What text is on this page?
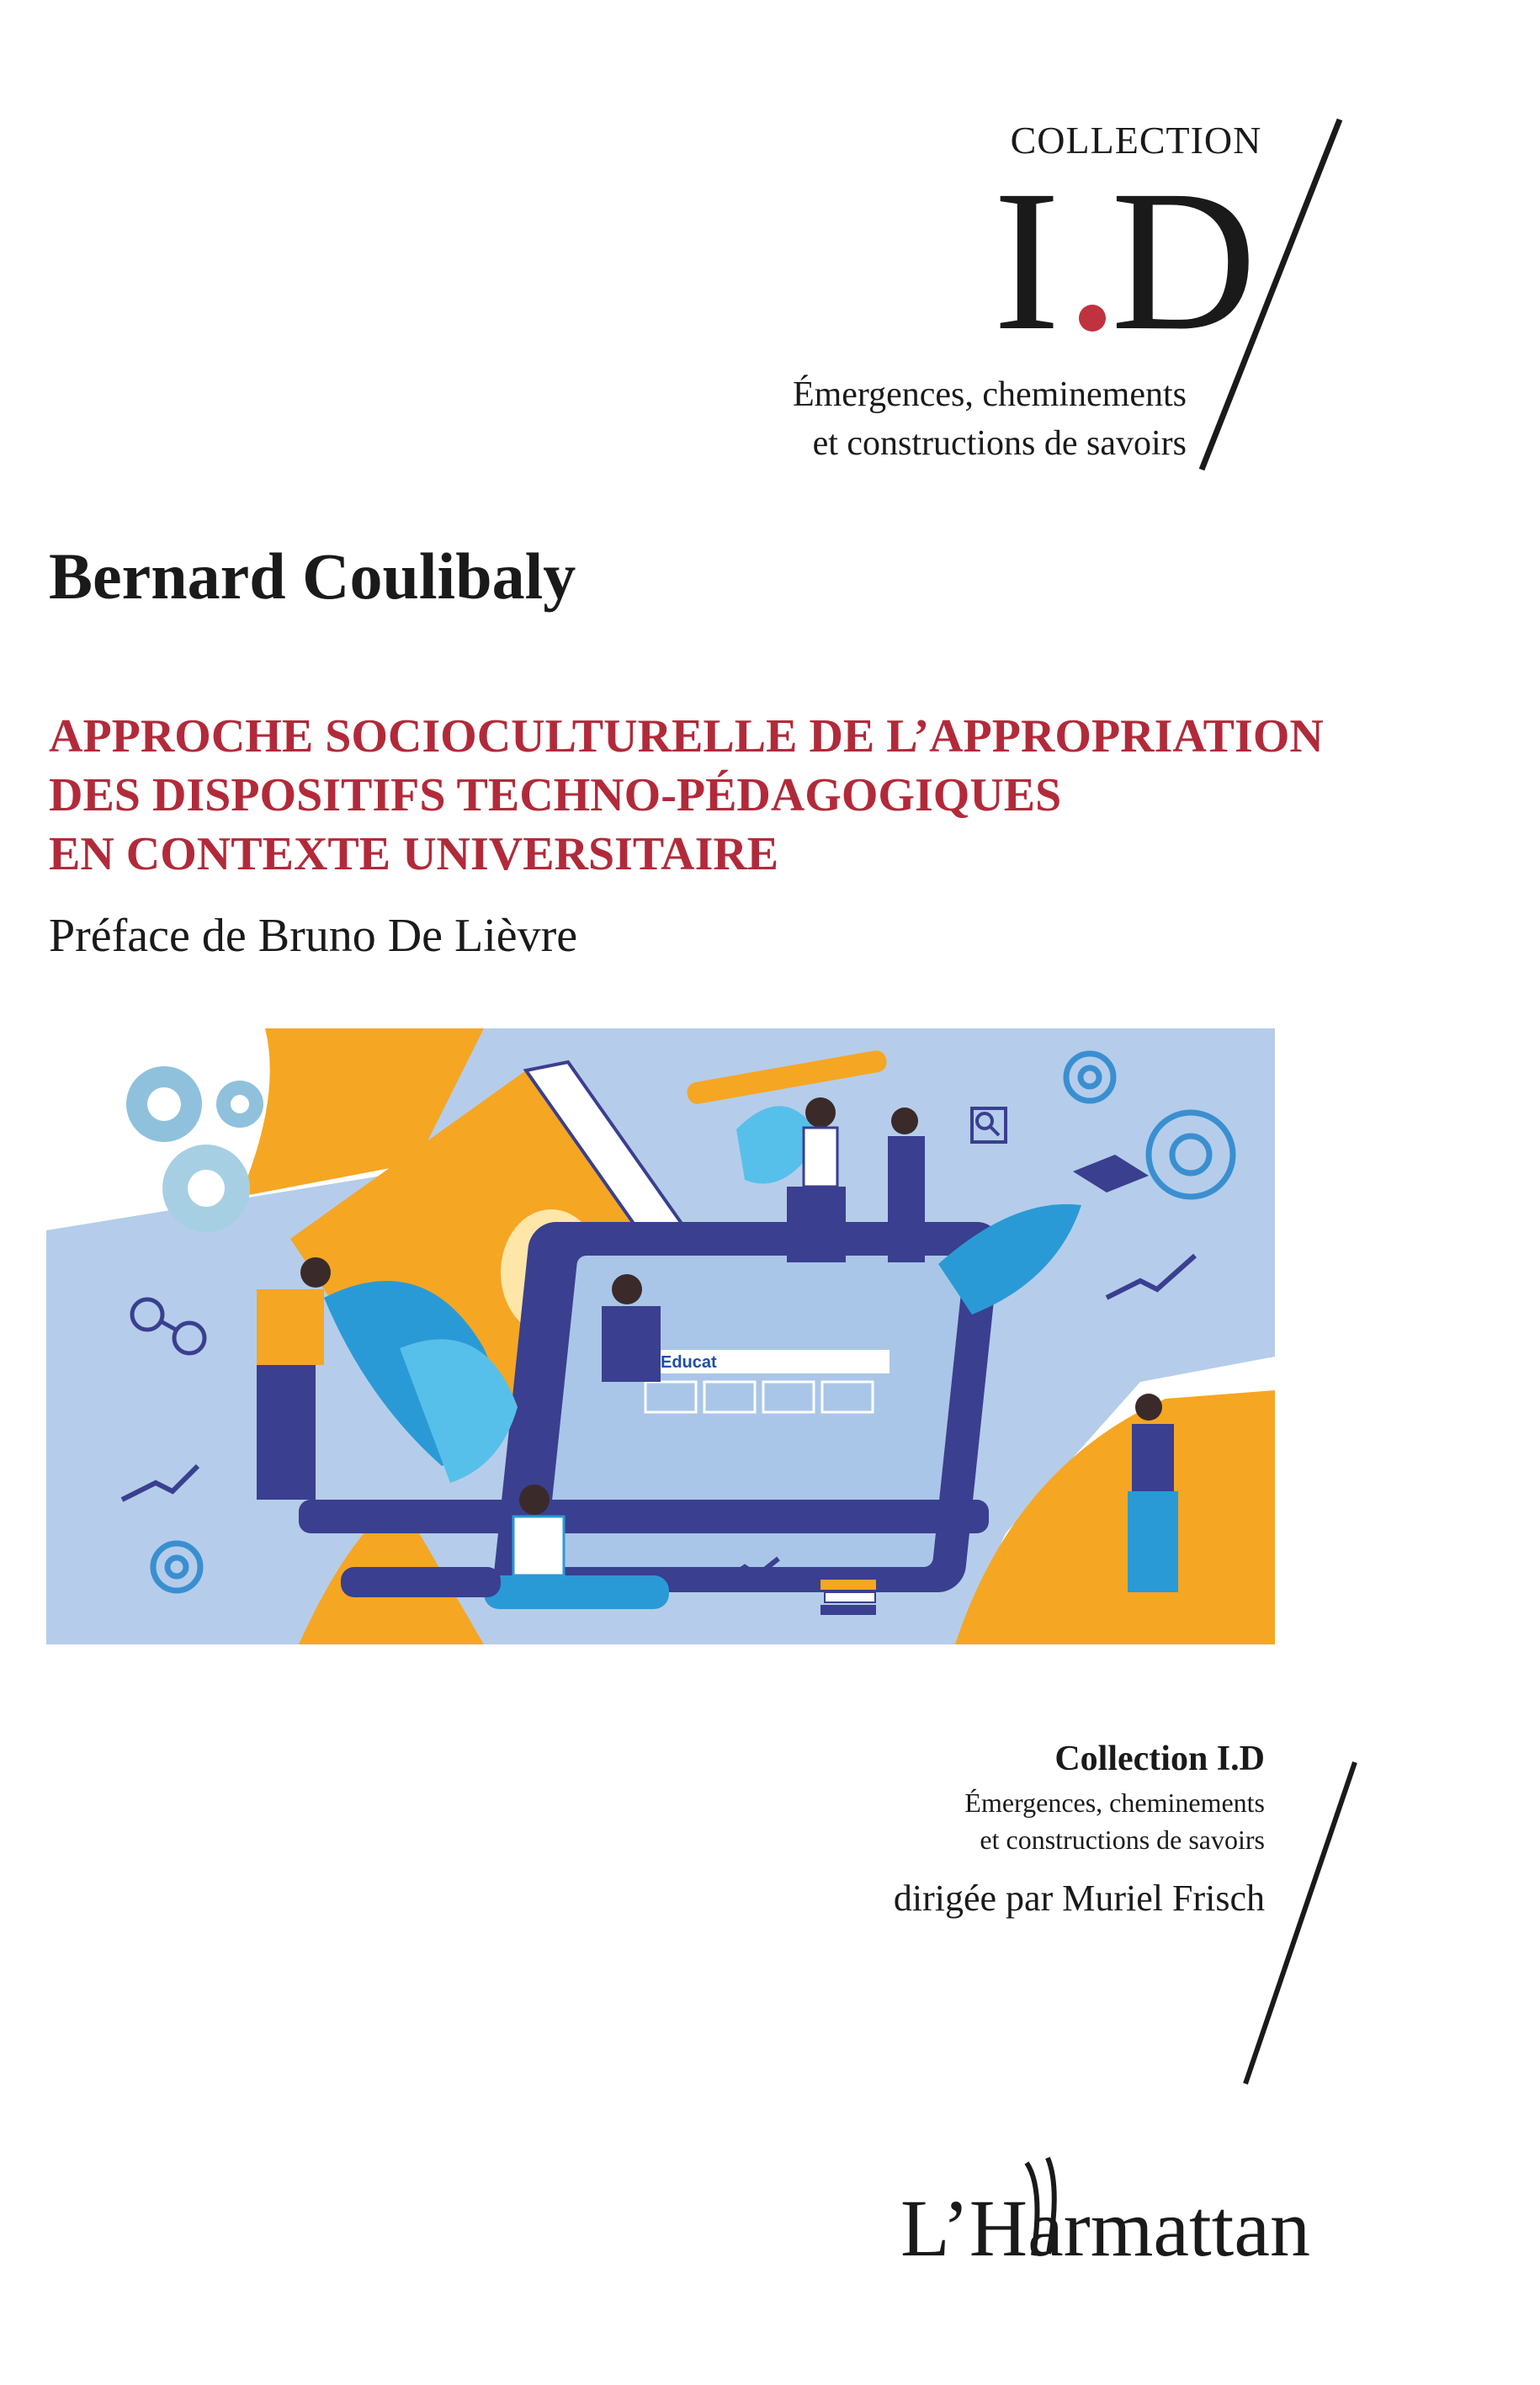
COLLECTION
I D
Émergences, cheminements
et constructions de savoirs
Bernard Coulibaly
APPROCHE SOCIOCULTURELLE DE L’APPROPRIATION
DES DISPOSITIFS TECHNO-PÉDAGOGIQUES
EN CONTEXTE UNIVERSITAIRE
Préface de Bruno De Lièvre
Educat
Collection I.D
Émergences, cheminements
et constructions de savoirs
dirigée par Muriel Frisch
L’Harmattan
